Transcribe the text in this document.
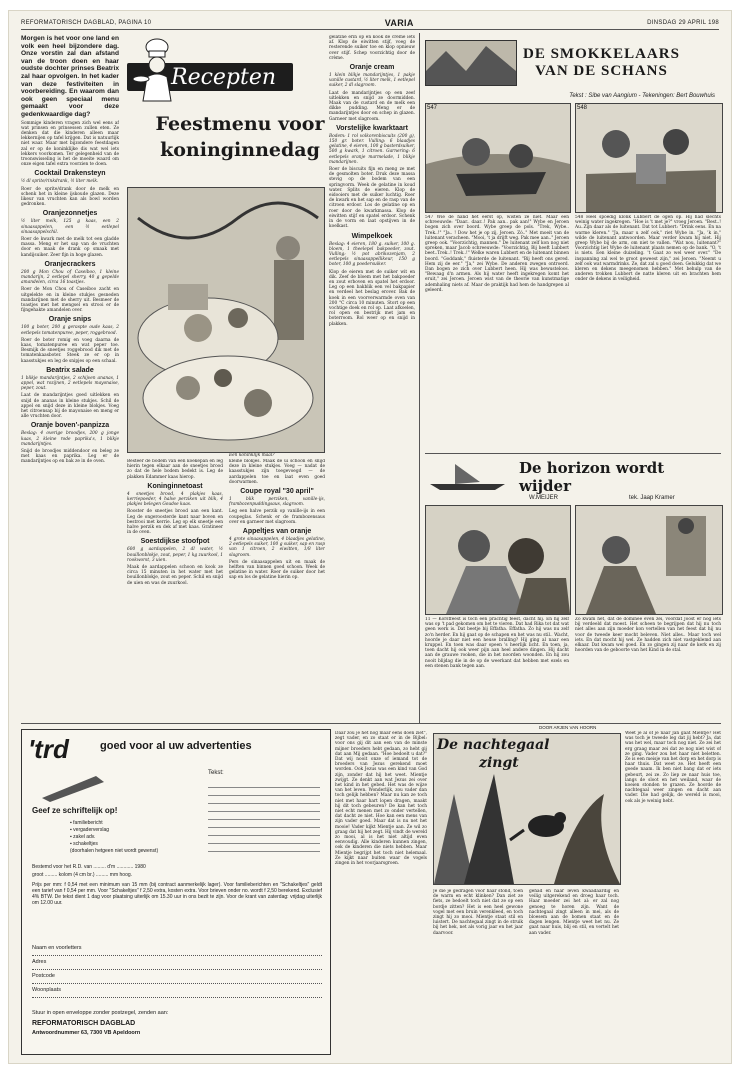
REFORMATORISCH DAGBLAD, PAGINA 10	VARIA	DINSDAG 29 APRIL 198

Morgen is het voor one land en volk een heel bijzondere dag. Onze vorstin zal dan afstand van de troon doen en haar oudste dochter prinses Beatrix zal haar opvolgen. In het kader van deze festiviteiten in voorbereiding. En waarom dan ook geen speciaal menu gemaakt voor deze gedenkwaardige dag?

Sommige kinderen vragen zich wel eens af wat prinsen en prinsessen zullen eten. Ze denken dat die kinderen alleen maar lekkernijen op tafel krijgen. Dat is natuurlijk niet waar. Maar met bijzondere feestdagen zal er op de koninklijke dis wat wel iets lekkers voorkomen. Ter gelegenheid van de troonswisseling is het de moeite waard om onze eigen tafel extra voorzien te doen.

Cocktail Drakensteyn

½ dl sprite/rinkdrank, ½ liter melk.

Roer de sprite/drank door de melk en schenk het in kleine ijskoude glazen. Deze likeur van vruchten kan als bowl worden gedronken.

Oranjezonnetjes

½ liter melk, 125 g kaas, een 2 sinaasappelen, een ½ eetlepel sinaasappelschil.

Roer de kwark met de melk tot een gladde massa. Meng er het sap van de vruchten door en maak de drank op smaak met kandijsuiker. Zeer fijn in hoge glazen.

Oranjecrackers

200 g Mon Chou of Caseiboo, 1 kleine mandarijn, 2 eetlepel sherry, 40 g gepelde amandelen, circa 16 toastjes.

Roer de Mon Chou of Caseiboo zacht en uitgelekte en in kleine stukjes gesneden mandarijnen met de sherry uit. Besmeer de toastjes met het mengsel en strooi er de fijngehakte amandelen over.

Oranje snips

100 g boter, 200 g geraspte oude kaas, 2 eetlepels tomatenpuree, peper, roggebrood.

Roer de boter romig en voeg daarna de kaas, tomatenpuree en wat peper toe. Besmijk de sneetjes roggebrood dik met de tomatenkaasboter. Steek ze er op in kaasstukjes en leg de snipjes op een schaal.

Beatrix salade

1 blikje mandarijntjes, 2 schijven ananas, 1 appel, wat rozijnen, 2 eetlepels mayonaise, peper, zout.

Laat de mandarijntjes goed uitlekken en snijd de ananas in kleine stukjes. Schil de appel en snijd deze in kleine blokjes. Voeg het citroensap bij de mayonaise en meng er alle vruchten door.

Oranje boven'-panpizza

Beslag: 4 overige broodjes, 200 g jonge kaas, 2 kleine rode paprika's, 1 blikje mandarijntjes.

Snijd de broodjes middendoor en beleg ze met kaas en paprika. Leg er de mandarijntjes op en bak ze in de oven.

Recepten
Feestmenu voor koninginnedag
Een koninklijk maal?

Besteer de bodem van een koekepan en leg hierin tegen elkaar aan de sneetjes brood zo dat de hele bodem bedekt is. Leg de plakken Edammer kaas hierop.

Koninginnetoast

4 sneetjes brood, 4 plakjes kaas, kerriepoeder, 4 halve perziken uit blik, 4 plakjes belegen Goudse kaas.

Rooster de sneetjes brood aan een kant. Leg de ongeroosterde kant naar boven en bestrooi met kerrie. Leg op elk sneetje een halve perzik en dek af met kaas. Gratineer in de oven.

Soestdijkse stoofpot

600 g aardappelen, 2 dl water, ½ bouillonblokje, zout, peper, 1 kg zuurkool, 1 rookworst, 3 uien.

Maak de aardappelen schoon en kook ze circa 15 minuten in het water met het bouillonblokje, zout en peper. Schil en snijd de uien en was de zuurkool.

kleine blokjes. Maak de ui schoon en snijd deze in kleine stukjes. Voeg — nadat de kaasstukjes zijn toegevoegd — de aardappelen toe en laat even goed doorwarmen.

Coupe royal "30 april"

1 blik perziken, vanille-ijs, frambozenpuddingsaus, slagroom.

Leg een halve perzik op vanille-ijs in een coupeglas. Schenk er de frambozensaus over en garneer met slagroom.

Appeltjes van oranje

4 grote sinaasappelen, 4 blaadjes gelatine, 2 eetlepels suiker, 100 g suiker, sap en rasp van 1 citroen, 2 eiwitten, 1/8 liter slagroom.

Pers de sinaasappelen uit en maak de helften van binnen goed schoon. Week de gelatine in water. Roer de suiker door het sap en los de gelatine hierin op.

gelatine erin op en kook de crème iets af. Klop de eiwitten stijf, voeg de resterende suiker toe en klop opnieuw over stijf. Schep voorzichtig door de crème.

Oranje cream

1 klein blikje mandarijntjes, 1 pakje vanille custard, ½ liter melk, 1 eetlepel suiker, 2 dl slagroom.

Laat de mandarijntjes op een zeef uitlekken en snijd ze doormidden. Maak van de custard en de melk een dikke pudding. Meng er de mandarijntjes door en schep in glazen. Garneer met slagroom.

Vorstelijke kwarktaart

Bodem: 1 rol volkorenbiscuits (200 g), 150 gr. boter. Vulling: 6 blaadjes gelatine, 4 eieren, 100 g basterdsuiker, 500 g kwark, 1 citroen. Garnering: 6 eetlepels oranje marmelade, 1 blikje mandarijnen.

Roer de biscuits fijn en meng ze met de gesmolten boter. Druk deze massa stevig op de bodem van een springvorm. Week de gelatine in koud water. Splits de eieren. Klop de eidooiers met de suiker luchtig. Roer de kwark en het sap en de rasp van de citroen erdoor. Los de gelatine op en roer door de kwarkmassa. Klop de eiwitten stijf en spatel erdoor. Schenk in de vorm en laat opstijven in de koelkast.

Wimpelkoek

Beslag: 4 eieren, 180 g. suiker, 100 g. bloem, 1 theelepel bakpoeder, zout. Vulling: ½ pot abrikozenjam, 2 eetlepels sinaasappellikeur, 150 g boter, 100 g poedersuiker.

Klop de eieren met de suiker wit en dik. Zeef de bloem met het bakpoeder en zout erboven en spatel het erdoor. Leg op een bakblik een vel bakpapier en verdeel het beslag erover. Bak de koek in een voorverwarmde oven van 200 °C circa 10 minuten. Stort op een vochtige doek en rol op. Laat afkoelen, rol open en bestrijk met jam en boterroom. Rol weer op en snijd in plakken.

DE SMOKKELAARS
VAN DE SCHANS
Tekst : Sibe van Aangium - Tekeningen: Bert Bouwhuis
547	548
547 Wie de hand het eerst op, wisten ze niet. Maar één schreeuwde: "Daar.. daar..! Pak aan.. pak aan!" Wybe en Jeroen bogen zich over boord. Wybe greep de pols. "Trek, Wybe.. Trek..!" "Ja.. ! Dow het je op zij, Jeroen. Zó.." Met moeit van de luitenant veracheen. "Mooi, 't ja drijft weg. Pak mee aan.." Jeroen greep ook. "Voorzichtig, mannen." De luitenant zelf kon nog niet spreken, maar Jacob schreeuwde: "Voorzichtig, Bij heeft Lubbert beet..Trek..! Trek..!" Welke waren Lubbert en de luitenant binnen boord. "Goddank," fluisterde de luitenant. "Bij heeft ons gered. Hem zij de eer." "Ja," zei Wybe. De anderen zwegen ontroerd. Dan bogen ze zich over Lubbert heen. Hij was bewusteloos. "Bewaag d'n armen. Als hij water heeft ingekregen komt het eruit," zei Jeroen. Jeroen wist van de theorie van kunstmatige ademhaling niets af. Maar de praktijk had hem de handgrepen al geleerd.
548 Heel spoedig klonk Lubbert de ogen op. Hij had slechts weinig water ingekregen. "Hoe is 't met je?" vroeg Jeroen. "Best..! Au..Zijn daar als de luitenant. Dat tot Lubbert: "Drink eens. En na warme kleren." "Ja, maar u zelf ook," riet Wybe in. "Ja, 'k in," wilde de luitenant antwoorden. Maar verder kwam hij niet. Hij greep Wybe bij de arm, om niet te vallen. "Wat nou, luitenant?" Voorzichtig liet Wybe de luitenant plaats nemen op de bank. "O, 't is niets. Een kleine duizeling. 't Gaat zo wel weer over." "De inspanning zal wel te groot geweest zijn," zei Jeroen. "Neemt u zelf ook wat warmdrinks. Ze, dat zal u goed doen. Gelukkig dat we kleren en dekens meegenomen hebben." Met behulp van de anderen trokken Lubbert de natte kleren uit en brachten hem onder de dekens in veiligheid.
De horizon wordt wijder
W.MEIJER	tek. Jaap Kramer
11 — Korstfeest is toch een prachtig feest, dacht hij. En hij zelf was op 't pad gekomen om het te vieren. Dat had Rika tot dat wat geen werk is. Dat beetje bij Effatha. Effatha. Zo hij was nu zelf zo'n herder. En hij gaat op de schapen en het was nu stil.. Wacht, hoorde je daar niet een heuse bralling? Hij ging al naar een kruppel. En toen was daar opeen 's heerlijk licht. En toen, ja, toen dacht hij ook weer pijn aan heel andere dingen. Hij dacht aan de grauwe rooken, die in het noorden woonden. En hij zou nooit blijdag die in de op de weerkant dat hebben met ezels en een stenen bank tegen aan.
Zo kwam het, dat de dominee even zei, voordat Joost er nog iets bij verdeeld dat moest. Het scheen te begrijpen dat hij nu toch niet alles aan zijn moeder kon vertellen van het feest dat hij nu voor de tweede keer mocht beleven. Niet alles.. Maar toch wel iets. En dat mocht hij wel. Ze hadden zich niet vastgeklemd aan elkaar. Dat kwam wel goed. En zo gingen zij naar de kerk en zij hoorden van de geboorte van het Kind in de stal.
'trd	goed voor al uw advertenties
Geef ze schriftelijk op!
▪ familiebericht
▪ vergaderverslag
▪ zakel adv.
▪ schakeltjes
(doorhalen hetgeen niet wordt gewenst)
Tekst:
Bestemd voor het R.D. van ......... d'm ............ 1980
groot ......... kolom (4 cm br.) ......... mm hoog.
Prijs per mm: f 0,54 met een minimum van 15 mm (bij contract aanmerkelijk lager). Voor familieberichten en "Schakeltjes" geldt een tarief van f 0,54 per mm. Voor "Schakeltjes" f 2,50 extra, kosten extra. Voor brieven onder no. wordt f 2,50 berekend. Exclusief 4% BTW. De tekst dient 1 dag voor plaatsing uiterlijk om 15.30 uur in ons bezit te zijn. Voor de krant van zaterdag: vrijdag uiterlijk om 12.00 uur.
Naam en voorletters
Adres
Postcode
Woonplaats
Stuur in open enveloppe zonder postzegel, zenden aan:
REFORMATORISCH DAGBLAD
Antwoordnummer 63, 7300 VB Apeldoorn
Daar zou je het nog maar eens doen ziet", zegt vader, en zo staat er in de Bijbel: voor ons gij dit aan een van de minste mijner broeders hebt gedaan, zo hebt gij dat aan Mij gedaan. "Hoe bedoelt u dat?" Dat wij nooit onze of iemand tot de broeders van Jezus gerekend moet worden. Ook Jezus was een kind van God zijn, zonder dat hij het weet. Mientje zwijgt. Ze denkt aan wat Jezus zei over het kind in het gebed. Het was de wijze van het leven. Wonderlijk, zou vader dan toch gelijk hebben? Maar nu kan ze toch niet met haar hart lopen dragen, maakt hij dit toch gebeuren? De kan het toch niet echt menen met zo onder vertellen, dat dacht ze niet. Hoe kan een mens van zijn vader goed. Maar dat is nu net het mooie! Vader kijkt Mientje aan. Ze wil zo graag dat hij het zegt. Hij vindt de wereld zo mooi, al is het niet altijd even eenvoudig. Alle kinderen kunnen zingen, ook de kinderen die niets hebben. Maar Mientje begrijpt het toch niet helemaal. Ze kijkt naar buiten waar de vogels zingen in het voorjaarsgroen.
De nachtegaal
zingt
DOOR ARJEN VAN HOORN
Je die je gedragen voor haar stond, toen de warm en echt klinken? Dan ziet ze fiets, ze bedoelt toch niet dat ze op een bordje zitten? Het is een heel gewone vogel met een bruin verenkleed, en toch zingt hij zo mooi. Mientje staat stil en luistert. De nachtegaal zingt in de struik bij het hek, net als vorig jaar en het jaar daarvoor.
gehad en haar leven kwaadaardig en veilig uitgerekend en droeg haar toch. Haar moeder zei het al: er zal nog genoeg te horen zijn. Want de nachtegaal zingt alleen in mei, als de bloesem aan de bomen staat en de dagen lengen. Mientje weet het nu. Ze gaat naar huis, blij en stil, en vertelt het aan vader.
Weet je al of je naar Jan gaat Mientje? Het was toch je tweede leg dat jij hebt? Ja, dat was het wel, maar toch nog niet. Ze zei het erg graag maar zei dat ze nog niet wist of ze ging. Vader zou het haar niet beletten. Ze is een meisje van het dorp en het dorp is haar thuis. Dat weet ze. Het heeft een goede naam. Ik ben niet bang dat er iets gebeurt, zei ze. Zo liep ze naar huis toe, langs de sloot en het weiland, waar de koeien stonden te grazen. Ze hoorde de nachtegaal weer zingen en dacht aan vader. Die had gelijk, de wereld is mooi, ook als je weinig hebt.
